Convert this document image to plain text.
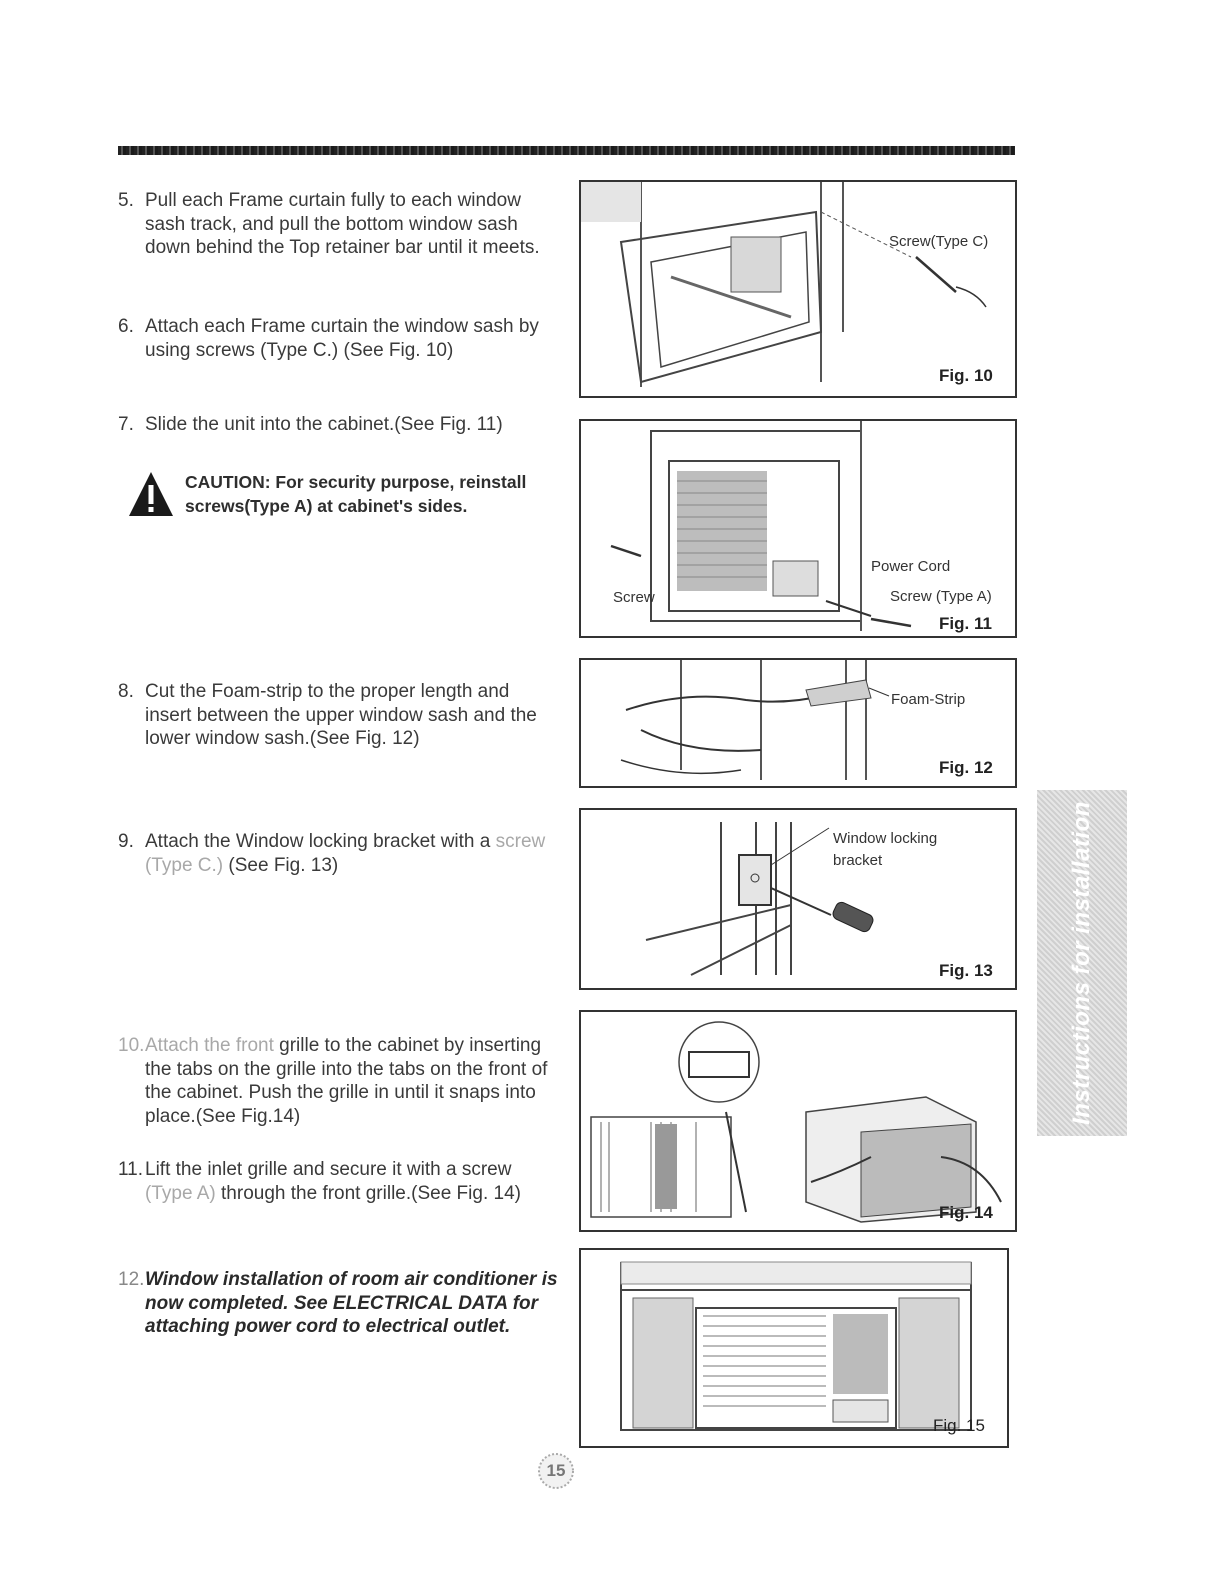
5. Pull each Frame curtain fully to each window sash track, and pull the bottom window sash down behind the Top retainer bar until it meets.
6. Attach each Frame curtain the window sash by using screws (Type C.) (See Fig. 10)
7. Slide the unit into the cabinet.(See Fig. 11)
CAUTION: For security purpose, reinstall screws(Type A) at cabinet's sides.
8. Cut the Foam-strip to the proper length and insert between the upper window sash and the lower window sash.(See Fig. 12)
9. Attach the Window locking bracket with a screw (Type C.) (See Fig. 13)
10. Attach the front grille to the cabinet by inserting the tabs on the grille into the tabs on the front of the cabinet. Push the grille in until it snaps into place.(See Fig.14)
11. Lift the inlet grille and secure it with a screw (Type A) through the front grille.(See Fig. 14)
12. Window installation of room air conditioner is now completed. See ELECTRICAL DATA for attaching power cord to electrical outlet.
Screw(Type C)
Fig. 10
Screw
Power Cord
Screw (Type A)
Fig. 11
Foam-Strip
Fig. 12
Window locking
bracket
Fig. 13
Fig. 14
Fig. 15
Instructions for installation
15
